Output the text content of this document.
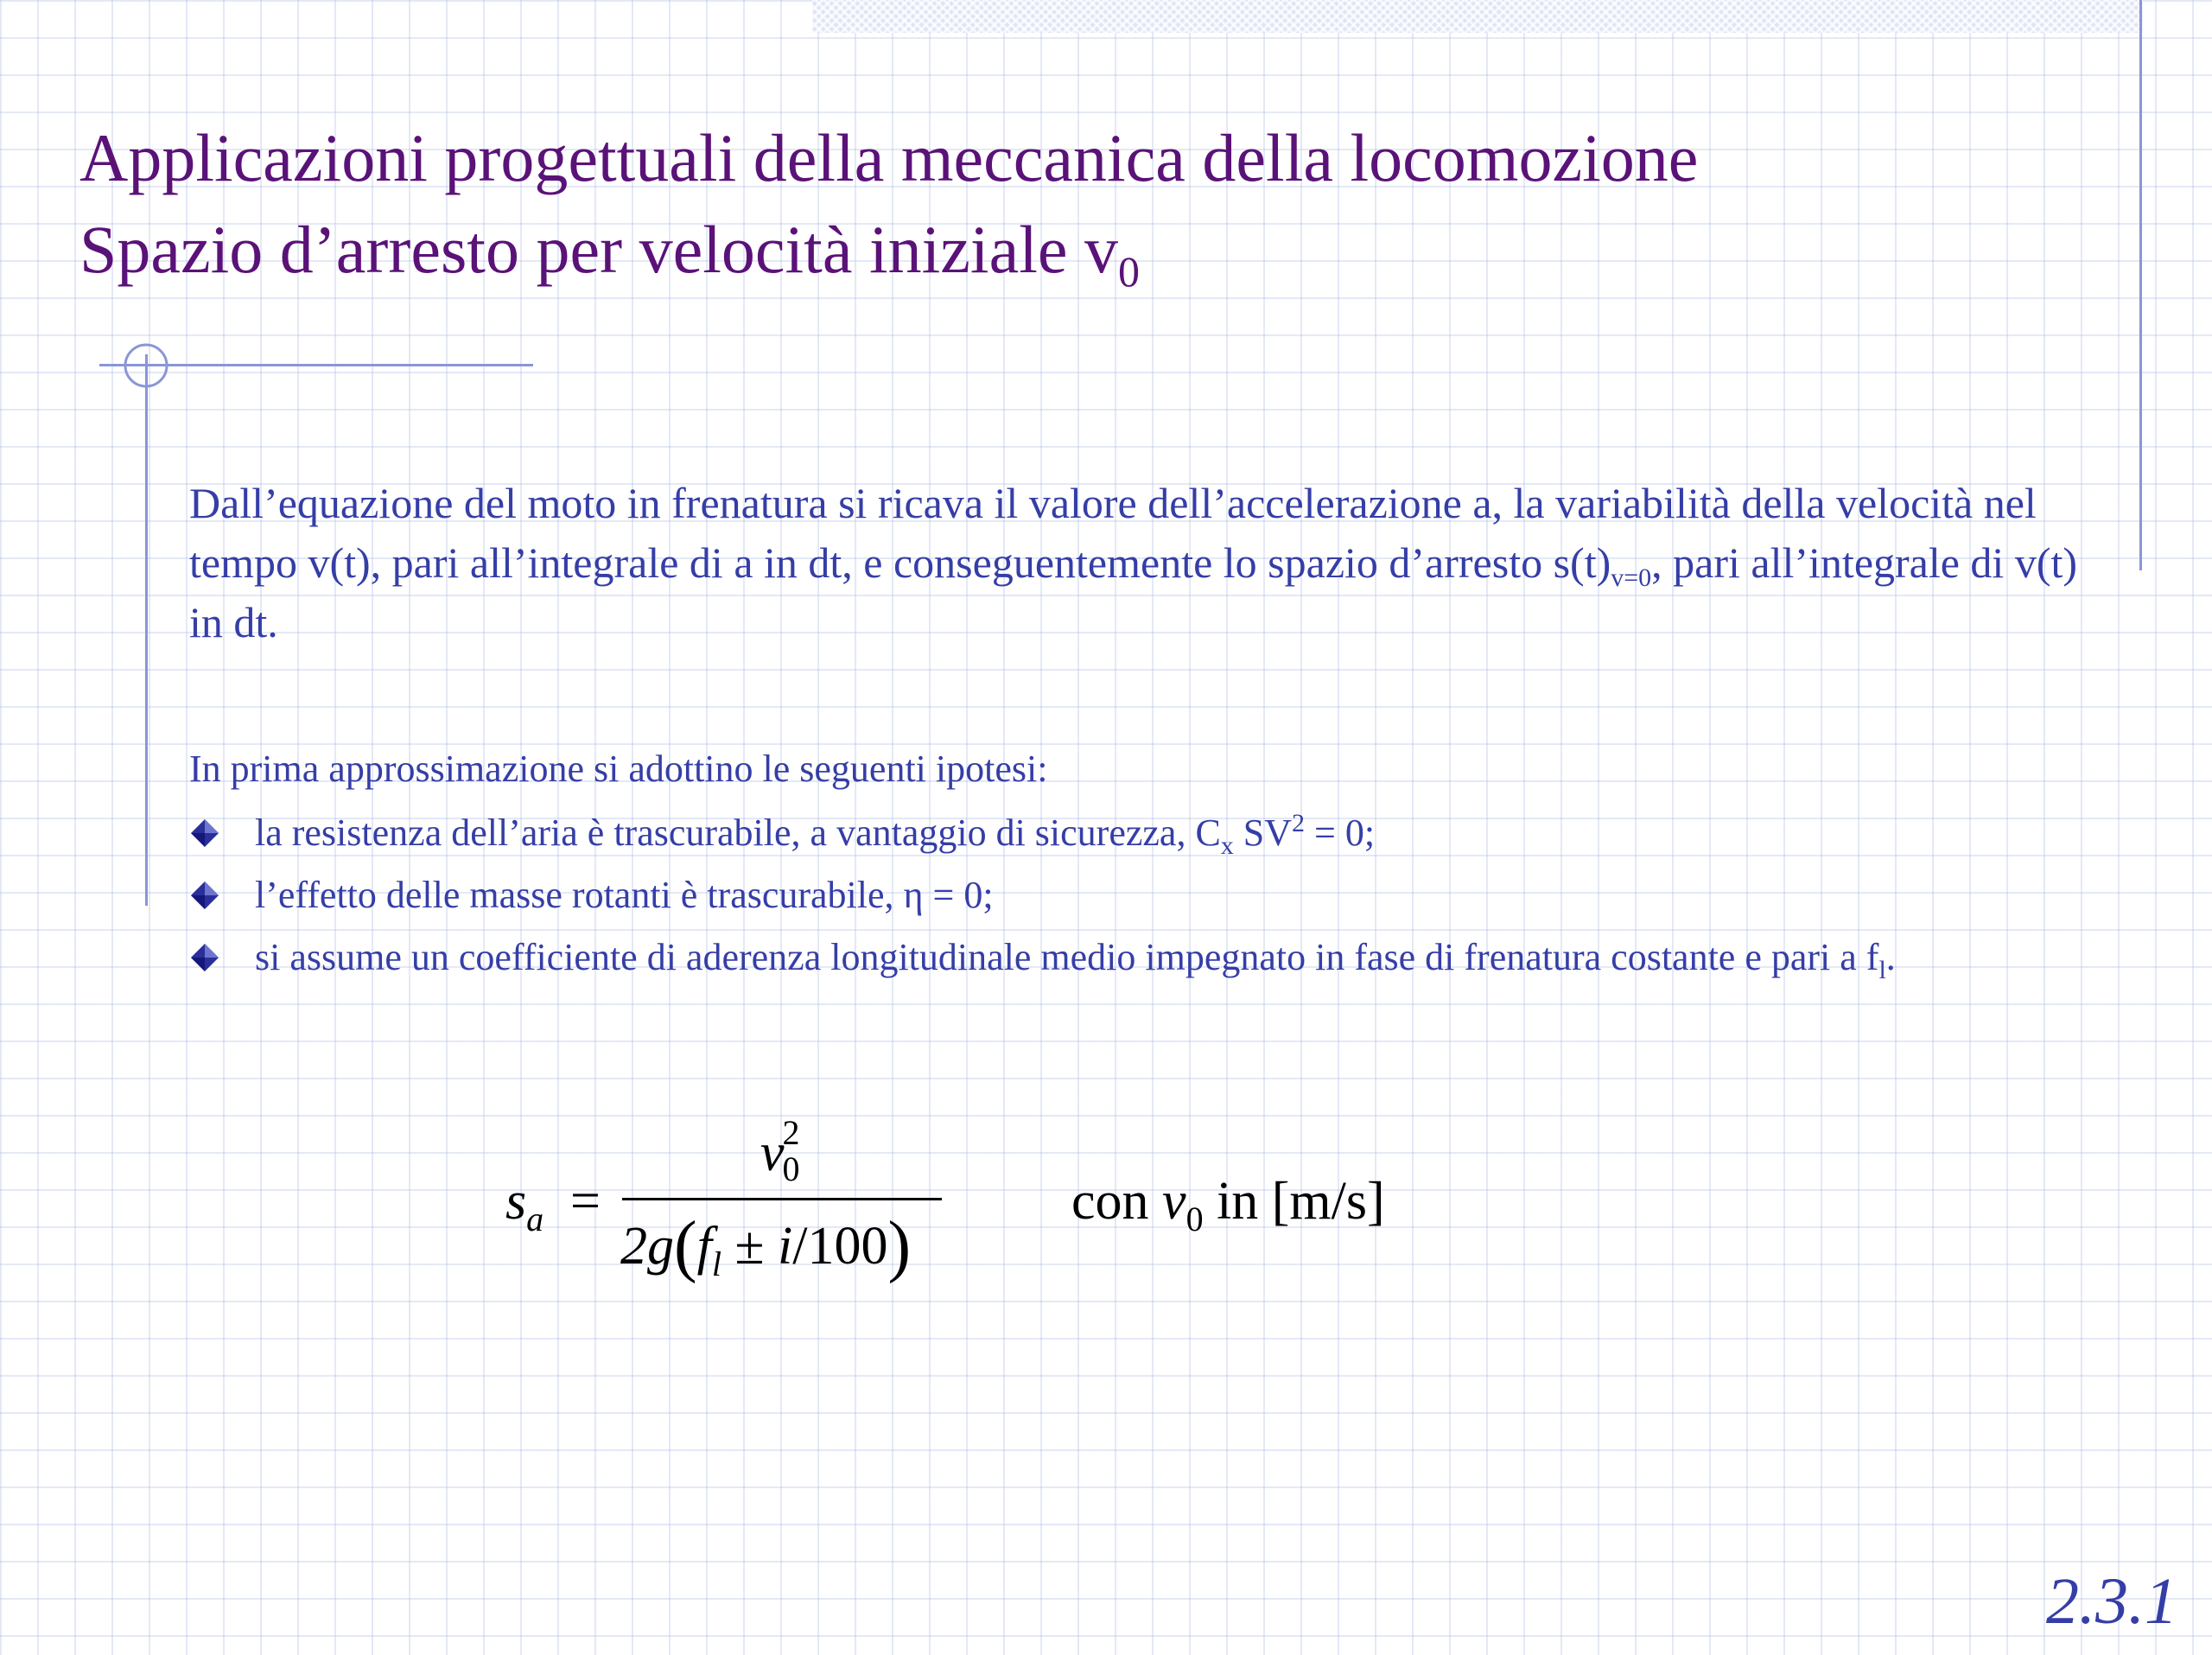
Applicazioni progettuali della meccanica della locomozione
Spazio d’arresto per velocità iniziale $v_0$

Dall’equazione del moto in frenatura si ricava il valore dell’accelerazione a, la variabilità della velocità nel tempo v(t), pari all’integrale di a in dt, e conseguentemente lo spazio d’arresto $s(t)_{v=0}$, pari all’integrale di v(t) in dt.

In prima approssimazione si adottino le seguenti ipotesi:

la resistenza dell’aria è trascurabile, a vantaggio di sicurezza, $C_x$ $SV^2 = 0$;
l’effetto delle masse rotanti è trascurabile, η = 0;
si assume un coefficiente di aderenza longitudinale medio impegnato in fase di frenatura costante e pari a $f_l$.
$s_a$ =
$v^20$
$2g(f_l \pm i/100)$
con $v_0$ in [m/s]

2.3.1
